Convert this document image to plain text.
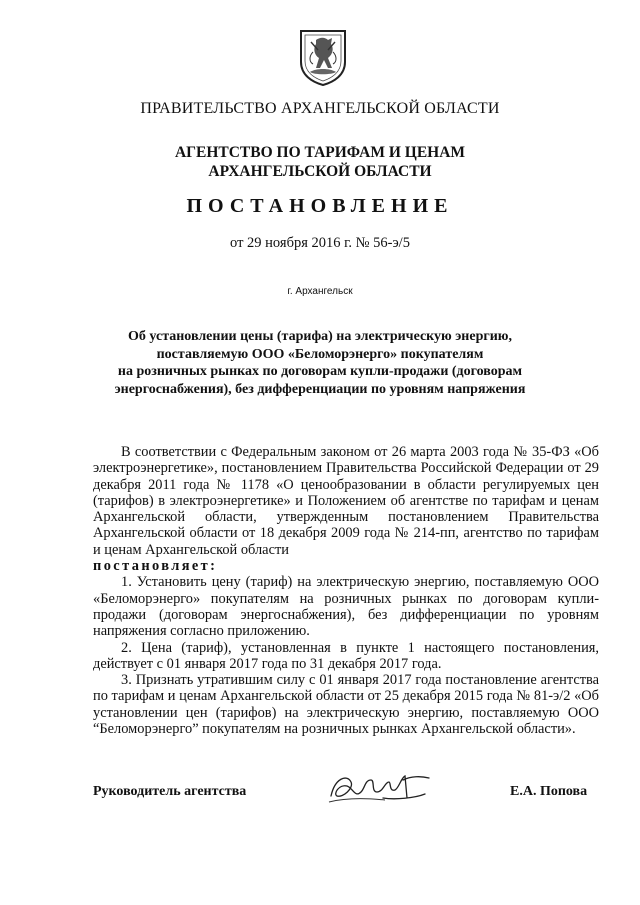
ПРАВИТЕЛЬСТВО АРХАНГЕЛЬСКОЙ ОБЛАСТИ
АГЕНТСТВО ПО ТАРИФАМ И ЦЕНАМ
АРХАНГЕЛЬСКОЙ ОБЛАСТИ
ПОСТАНОВЛЕНИЕ
от 29 ноября 2016 г. № 56-э/5
г. Архангельск
Об установлении цены (тарифа) на электрическую энергию,
поставляемую ООО «Беломорэнерго» покупателям
на розничных рынках по договорам купли-продажи (договорам
энергоснабжения), без дифференциации по уровням напряжения

В соответствии с Федеральным законом от 26 марта 2003 года № 35-ФЗ «Об электроэнергетике», постановлением Правительства Российской Федерации от 29 декабря 2011 года № 1178 «О ценообразовании в области регулируемых цен (тарифов) в электроэнергетике» и Положением об агентстве по тарифам и ценам Архангельской области, утвержденным постановлением Правительства Архангельской области от 18 декабря 2009 года № 214-пп, агентство по тарифам и ценам Архангельской области

постановляет:

1. Установить цену (тариф) на электрическую энергию, поставляемую ООО «Беломорэнерго» покупателям на розничных рынках по договорам купли-продажи (договорам энергоснабжения), без дифференциации по уровням напряжения согласно приложению.

2. Цена (тариф), установленная в пункте 1 настоящего постановления, действует с 01 января 2017 года по 31 декабря 2017 года.

3. Признать утратившим силу с 01 января 2017 года постановление агентства по тарифам и ценам Архангельской области от 25 декабря 2015 года № 81-э/2 «Об установлении цен (тарифов) на электрическую энергию, поставляемую ООО “Беломорэнерго” покупателям на розничных рынках Архангельской области».

Руководитель агентства	Е.А. Попова
